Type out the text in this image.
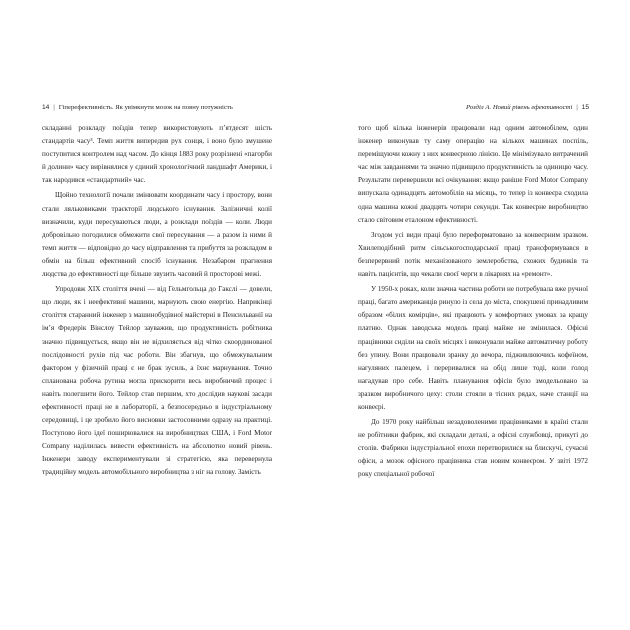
14 | Гіперефективність. Як увімкнути мозок на повну потужність

складанні розкладу поїздів тепер використовують п’ятдесят шість стандартів часу³. Темп життя випередив рух сонця, і воно було змушене поступитися контролем над часом. До кінця 1883 року розрізнені «пагорби й долини» часу вирівнялися у єдиний хронологічний ландшафт Америки, і так народився «стандартний» час.

Щойно технології почали змінювати координати часу і простору, вони стали ляльковиками траєкторії людського існування. Залізничні колії визначили, куди пересуваються люди, а розклади поїздів — коли. Люди добровільно погодилися обмежити свої пересування — а разом із ними й темп життя — відповідно до часу відправлення та прибуття за розкладом в обмін на більш ефективний спосіб існування. Незабаром прагнення людства до ефективності ще більше звузить часовий й просторові межі.

Упродовж XIX століття вчені — від Гельмгольца до Гакслі — довели, що люди, як і неефективні машини, марнують свою енергію. Наприкінці століття старанний інженер з машинобудівної майстерні в Пенсильванії на ім’я Фредерік Вінслоу Тейлор зауважив, що продуктивність робітника значно підвищується, якщо він не відхиляється від чітко скоординованої послідовності рухів під час роботи. Він збагнув, що обмежувальним фактором у фізичній праці є не брак зусиль, а їхнє марнування. Точно спланована робоча рутина могла прискорити весь виробничий процес і навіть полегшити його. Тейлор став першим, хто дослідив наукові засади ефективності праці не в лабораторії, а безпосередньо в індустріальному середовищі, і це зробило його висновки застосовними одразу на практиці. Поступово його ідеї поширювалися на виробництвах США, і Ford Motor Company наділилась вивести ефективність на абсолютно новий рівень. Інженери заводу експериментували зі стратегією, яка перевернула традиційну модель автомобільного виробництва з ніг на голову. Замість

Розділ А. Новий рівень ефективності | 15

того щоб кілька інженерів працювали над одним автомобілем, один інженер виконував ту саму операцію на кількох машинах поспіль, переміщуючи кожну з них конвеєрною лінією. Це мінімізувало витрачений час між завданнями та значно підвищило продуктивність за одиницю часу. Результати перевершили всі очікування: якщо раніше Ford Motor Company випускала одинадцять автомобілів на місяць, то тепер із конвеєра сходила одна машина кожні двадцять чотири секунди. Так конвеєрне виробництво стало світовим еталоном ефективності.

Згодом усі види праці було переформатовано за конвеєрним зразком. Хвилеподібний ритм сільськогосподарської праці трансформувався в безперервний потік механізованого землеробства, схожих будинків та навіть пацієнтів, що чекали своєї черги в лікарнях на «ремонт».

У 1950-х роках, коли значна частина роботи не потребувала вже ручної праці, багато американців ринуло із села до міста, спокушені принадливим образом «білих комірців», які працюють у комфортних умовах за кращу платню. Однак заводська модель праці майже не змінилася. Офісні працівники сиділи на своїх місцях і виконували майже автоматичну роботу без упину. Вони працювали зранку до вечора, підживлюючись кофеїном, нагуляних палецем, і переривалися на обід лише тоді, коли голод нагадував про себе. Навіть планування офісів було змодельовано за зразком виробничого цеху: столи стояли в тісних рядах, наче станції на конвеєрі.

До 1970 року найбільш незадоволеними працівниками в країні стали не робітники фабрик, які складали деталі, а офісні службовці, прикуті до столів. Фабрики індустріальної епохи перетворилися на блискучі, сучасні офіси, а мозок офісного працівника став новим конвеєром. У звіті 1972 року спеціальної робочої
